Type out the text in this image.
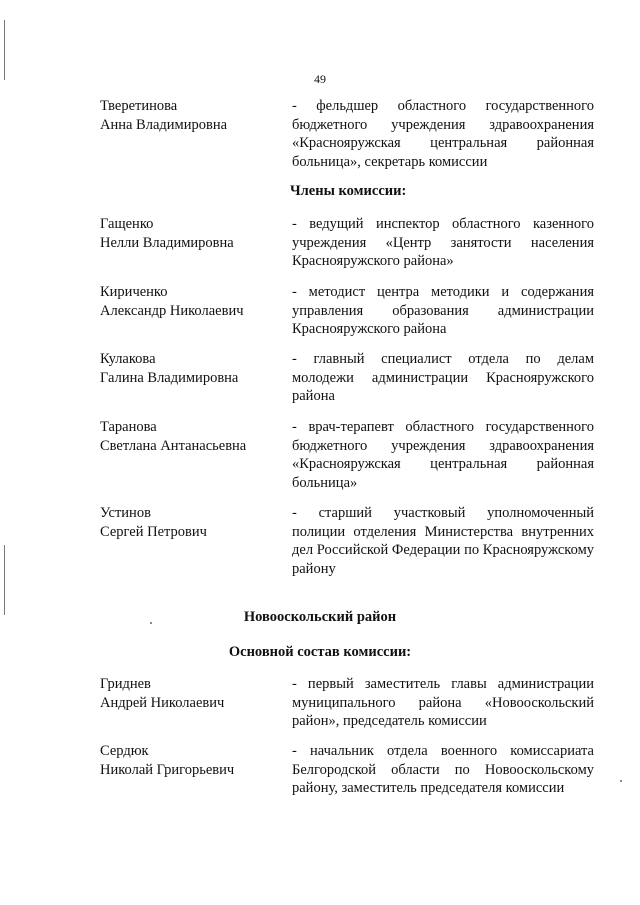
49
Тверетинова
Анна Владимировна
- фельдшер областного государственного бюджетного учреждения здравоохранения «Краснояружская центральная районная больница», секретарь комиссии
Члены комиссии:
Гащенко
Нелли Владимировна
- ведущий инспектор областного казенного учреждения «Центр занятости населения Краснояружского района»
Кириченко
Александр Николаевич
- методист центра методики и содержания управления образования администрации Краснояружского района
Кулакова
Галина Владимировна
- главный специалист отдела по делам молодежи администрации Краснояружского района
Таранова
Светлана Антанасьевна
- врач-терапевт областного государственного бюджетного учреждения здравоохранения «Краснояружская центральная районная больница»
Устинов
Сергей Петрович
- старший участковый уполномоченный полиции отделения Министерства внутренних дел Российской Федерации по Краснояружскому району
Новооскольский район
Основной состав комиссии:
Гриднев
Андрей Николаевич
- первый заместитель главы администрации муниципального района «Новооскольский район», председатель комиссии
Сердюк
Николай Григорьевич
- начальник отдела военного комиссариата Белгородской области по Новооскольскому району, заместитель председателя комиссии
